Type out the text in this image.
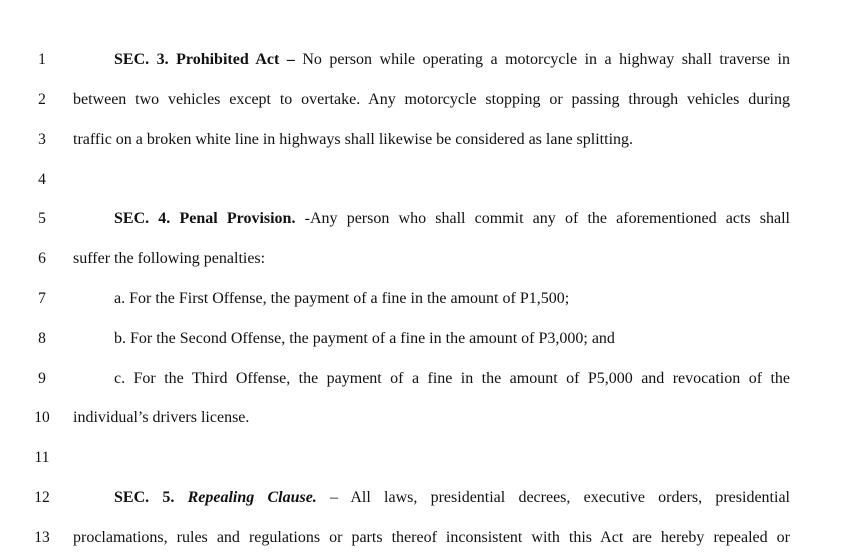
1	SEC. 3. Prohibited Act – No person while operating a motorcycle in a highway shall traverse in
2	between two vehicles except to overtake. Any motorcycle stopping or passing through vehicles during
3	traffic on a broken white line in highways shall likewise be considered as lane splitting.
4
5	SEC. 4. Penal Provision. -Any person who shall commit any of the aforementioned acts shall
6	suffer the following penalties:
7	a. For the First Offense, the payment of a fine in the amount of P1,500;
8	b. For the Second Offense, the payment of a fine in the amount of P3,000; and
9	c. For the Third Offense, the payment of a fine in the amount of P5,000 and revocation of the
10	individual’s drivers license.
11
12	SEC. 5. Repealing Clause. – All laws, presidential decrees, executive orders, presidential
13	proclamations, rules and regulations or parts thereof inconsistent with this Act are hereby repealed or
